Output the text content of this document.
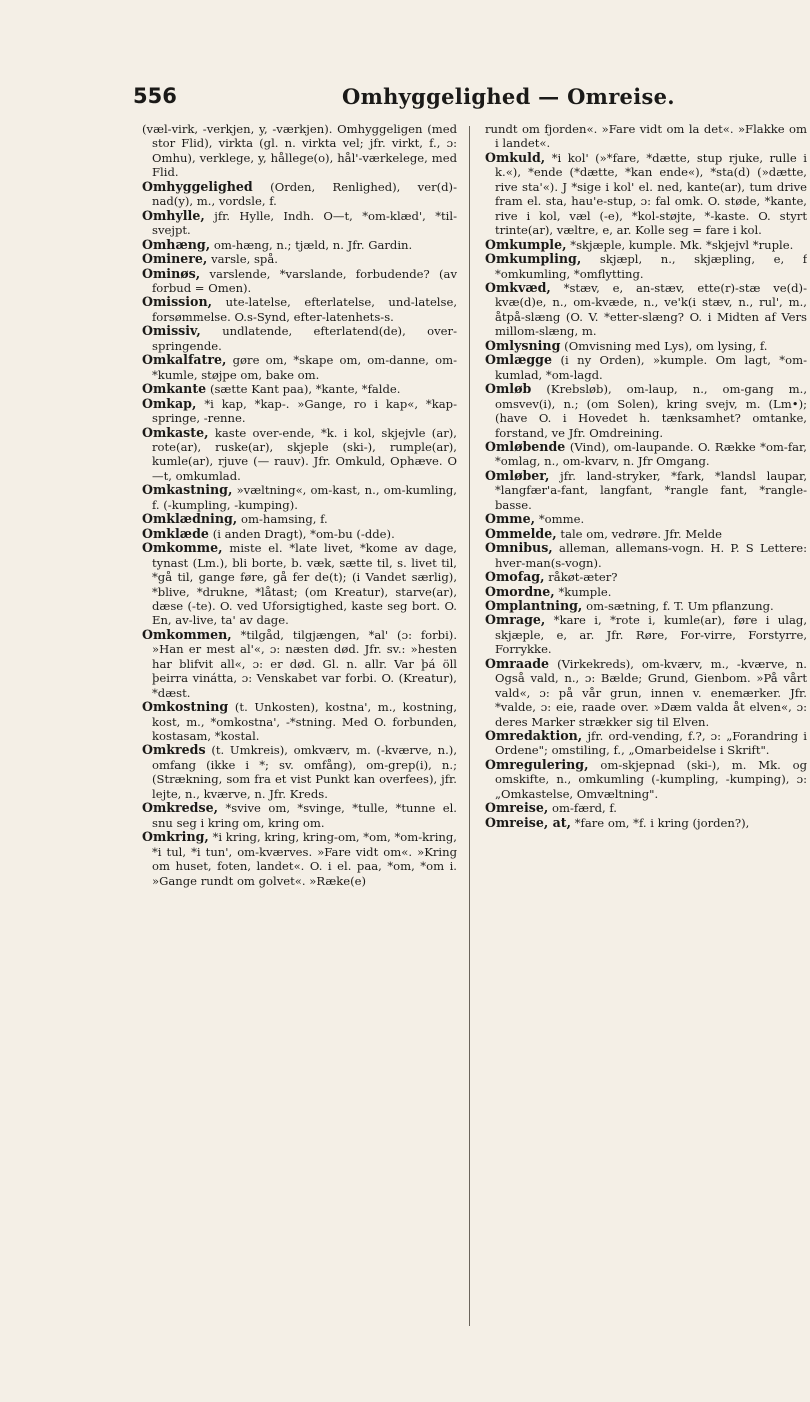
556	Omhyggelighed — Omreise.

(væl-virk, -verkjen, y, -værkjen). Omhyggeligen (med stor Flid), virkta (gl. n. virkta vel; jfr. virkt, f., ɔ: Omhu), verklege, y, hållege(o), hål'-værkelege, med Flid.

Omhyggelighed (Orden, Renlighed), ver(d)-nad(y), m., vordsle, f.

Omhylle, jfr. Hylle, Indh. O—t, *om-klæd', *til-svejpt.

Omhæng, om-hæng, n.; tjæld, n. Jfr. Gardin.

Ominere, varsle, spå.

Ominøs, varslende, *varslande, forbudende? (av forbud = Omen).

Omission, ute-latelse, efterlatelse, und-latelse, forsømmelse. O.s-Synd, efter-latenhets-s.

Omissiv, undlatende, efterlatend(de), over-springende.

Omkalfatre, gøre om, *skape om, om-danne, om-*kumle, støjpe om, bake om.

Omkante (sætte Kant paa), *kante, *falde.

Omkap, *i kap, *kap-. »Gange, ro i kap«, *kap-springe, -renne.

Omkaste, kaste over-ende, *k. i kol, skjejvle (ar), rote(ar), ruske(ar), skjeple (ski-), rumple(ar), kumle(ar), rjuve (— rauv). Jfr. Omkuld, Ophæve. O—t, omkumlad.

Omkastning, »væltning«, om-kast, n., om-kumling, f. (-kumpling, -kumping).

Omklædning, om-hamsing, f.

Omklæde (i anden Dragt), *om-bu (-dde).

Omkomme, miste el. *late livet, *kome av dage, tynast (Lm.), bli borte, b. væk, sætte til, s. livet til, *gå til, gange føre, gå fer de(t); (i Vandet særlig), *blive, *drukne, *låtast; (om Kreatur), starve(ar), dæse (-te). O. ved Uforsigtighed, kaste seg bort. O. En, av-live, ta' av dage.

Omkommen, *tilgåd, tilgjængen, *al' (ɔ: forbi). »Han er mest al'«, ɔ: næsten død. Jfr. sv.: »hesten har blifvit all«, ɔ: er død. Gl. n. allr. Var þá öll þeirra vinátta, ɔ: Venskabet var forbi. O. (Kreatur), *dæst.

Omkostning (t. Unkosten), kostna', m., kostning, kost, m., *omkostna', -*stning. Med O. forbunden, kostasam, *kostal.

Omkreds (t. Umkreis), omkværv, m. (-kværve, n.), omfang (ikke i *; sv. omfång), om-grep(i), n.; (Strækning, som fra et vist Punkt kan overfees), jfr. lejte, n., kværve, n. Jfr. Kreds.

Omkredse, *svive om, *svinge, *tulle, *tunne el. snu seg i kring om, kring om.

Omkring, *i kring, kring, kring-om, *om, *om-kring, *i tul, *i tun', om-kværves. »Fare vidt om«. »Kring om huset, foten, landet«. O. i el. paa, *om, *om i. »Gange rundt om golvet«. »Ræke(e)

rundt om fjorden«. »Fare vidt om la det«. »Flakke om i landet«.

Omkuld, *i kol' (»*fare, *dætte, stup rjuke, rulle i k.«), *ende (*dætte, *kan ende«), *sta(d) (»dætte, rive sta'«). J *sige i kol' el. ned, kante(ar), tum drive fram el. sta, hau'e-stup, ɔ: fal omk. O. støde, *kante, rive i kol, væl (-e), *kol-støjte, *-kaste. O. styrt trinte(ar), væltre, e, ar. Kolle seg = fare i kol.

Omkumple, *skjæple, kumple. Mk. *skjejvl *ruple.

Omkumpling, skjæpl, n., skjæpling, e, f *omkumling, *omflytting.

Omkvæd, *stæv, e, an-stæv, ette(r)-stæ ve(d)-kvæ(d)e, n., om-kvæde, n., ve'k(i stæv, n., rul', m., åtpå-slæng (O. V. *etter-slæng? O. i Midten af Vers millom-slæng, m.

Omlysning (Omvisning med Lys), om lysing, f.

Omlægge (i ny Orden), »kumple. Om lagt, *om-kumlad, *om-lagd.

Omløb (Krebsløb), om-laup, n., om-gang m., omsvev(i), n.; (om Solen), kring svejv, m. (Lm•); (have O. i Hovedet h. tænksamhet? omtanke, forstand, ve Jfr. Omdreining.

Omløbende (Vind), om-laupande. O. Række *om-far, *omlag, n., om-kvarv, n. Jfr Omgang.

Omløber, jfr. land-stryker, *fark, *landsl laupar, *langfær'a-fant, langfant, *rangle fant, *rangle-basse.

Omme, *omme.

Ommelde, tale om, vedrøre. Jfr. Melde

Omnibus, alleman, allemans-vogn. H. P. S Lettere: hver-man(s-vogn).

Omofag, råkøt-æter?

Omordne, *kumple.

Omplantning, om-sætning, f. T. Um pflanzung.

Omrage, *kare i, *rote i, kumle(ar), føre i ulag, skjæple, e, ar. Jfr. Røre, For-virre, Forstyrre, Forrykke.

Omraade (Virkekreds), om-kværv, m., -kværve, n. Også vald, n., ɔ: Bælde; Grund, Gienbom. »På vårt vald«, ɔ: på vår grun, innen v. enemærker. Jfr. *valde, ɔ: eie, raade over. »Dæm valda åt elven«, ɔ: deres Marker strækker sig til Elven.

Omredaktion, jfr. ord-vending, f.?, ɔ: „Forandring i Ordene"; omstiling, f., „Omarbeidelse i Skrift".

Omregulering, om-skjepnad (ski-), m. Mk. og omskifte, n., omkumling (-kumpling, -kumping), ɔ: „Omkastelse, Omvæltning".

Omreise, om-færd, f.

Omreise, at, *fare om, *f. i kring (jorden?),
